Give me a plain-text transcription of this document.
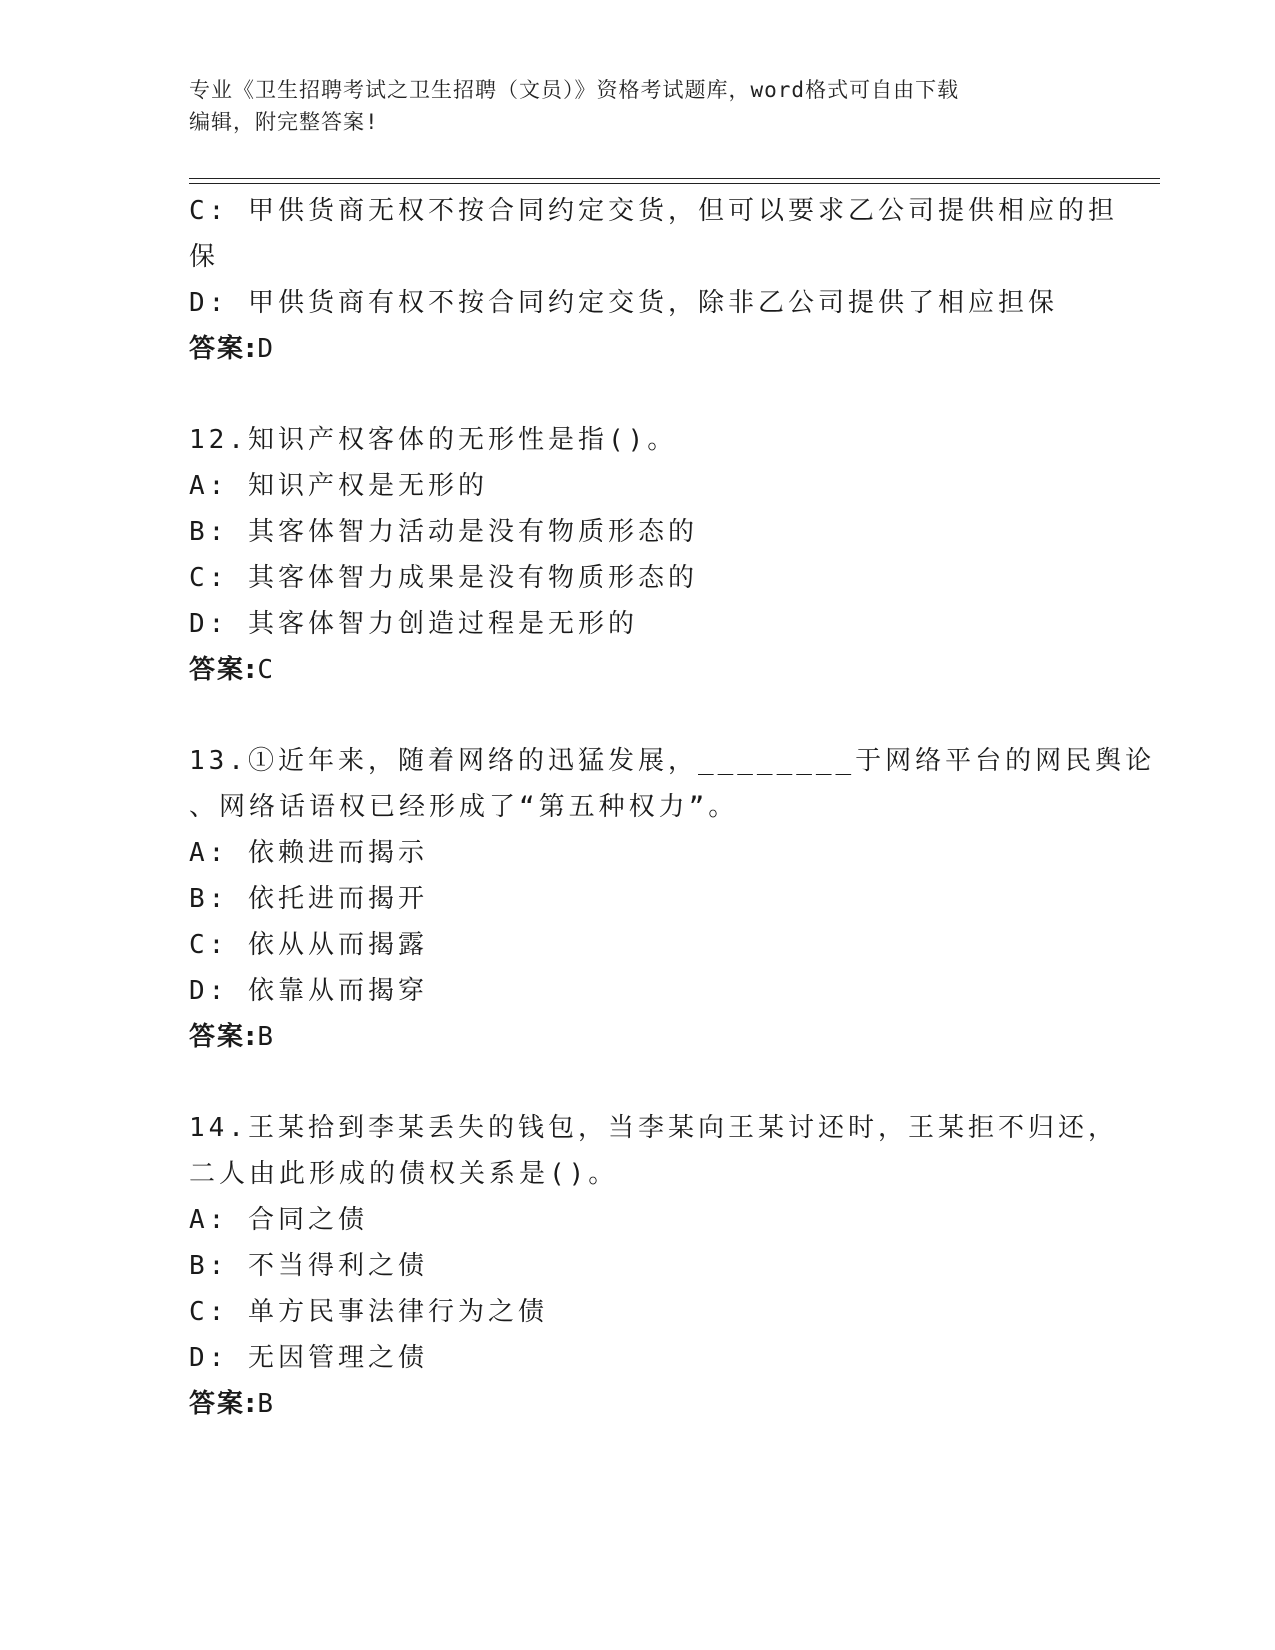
专业《卫生招聘考试之卫生招聘（文员）》资格考试题库，word格式可自由下载
编辑，附完整答案!
C: 甲供货商无权不按合同约定交货，但可以要求乙公司提供相应的担
保
D: 甲供货商有权不按合同约定交货，除非乙公司提供了相应担保
答案:D
12.知识产权客体的无形性是指()。
A: 知识产权是无形的
B: 其客体智力活动是没有物质形态的
C: 其客体智力成果是没有物质形态的
D: 其客体智力创造过程是无形的
答案:C
13.①近年来，随着网络的迅猛发展，________于网络平台的网民舆论
、网络话语权已经形成了“第五种权力”。
A: 依赖进而揭示
B: 依托进而揭开
C: 依从从而揭露
D: 依靠从而揭穿
答案:B
14.王某拾到李某丢失的钱包，当李某向王某讨还时，王某拒不归还，
二人由此形成的债权关系是()。
A: 合同之债
B: 不当得利之债
C: 单方民事法律行为之债
D: 无因管理之债
答案:B
